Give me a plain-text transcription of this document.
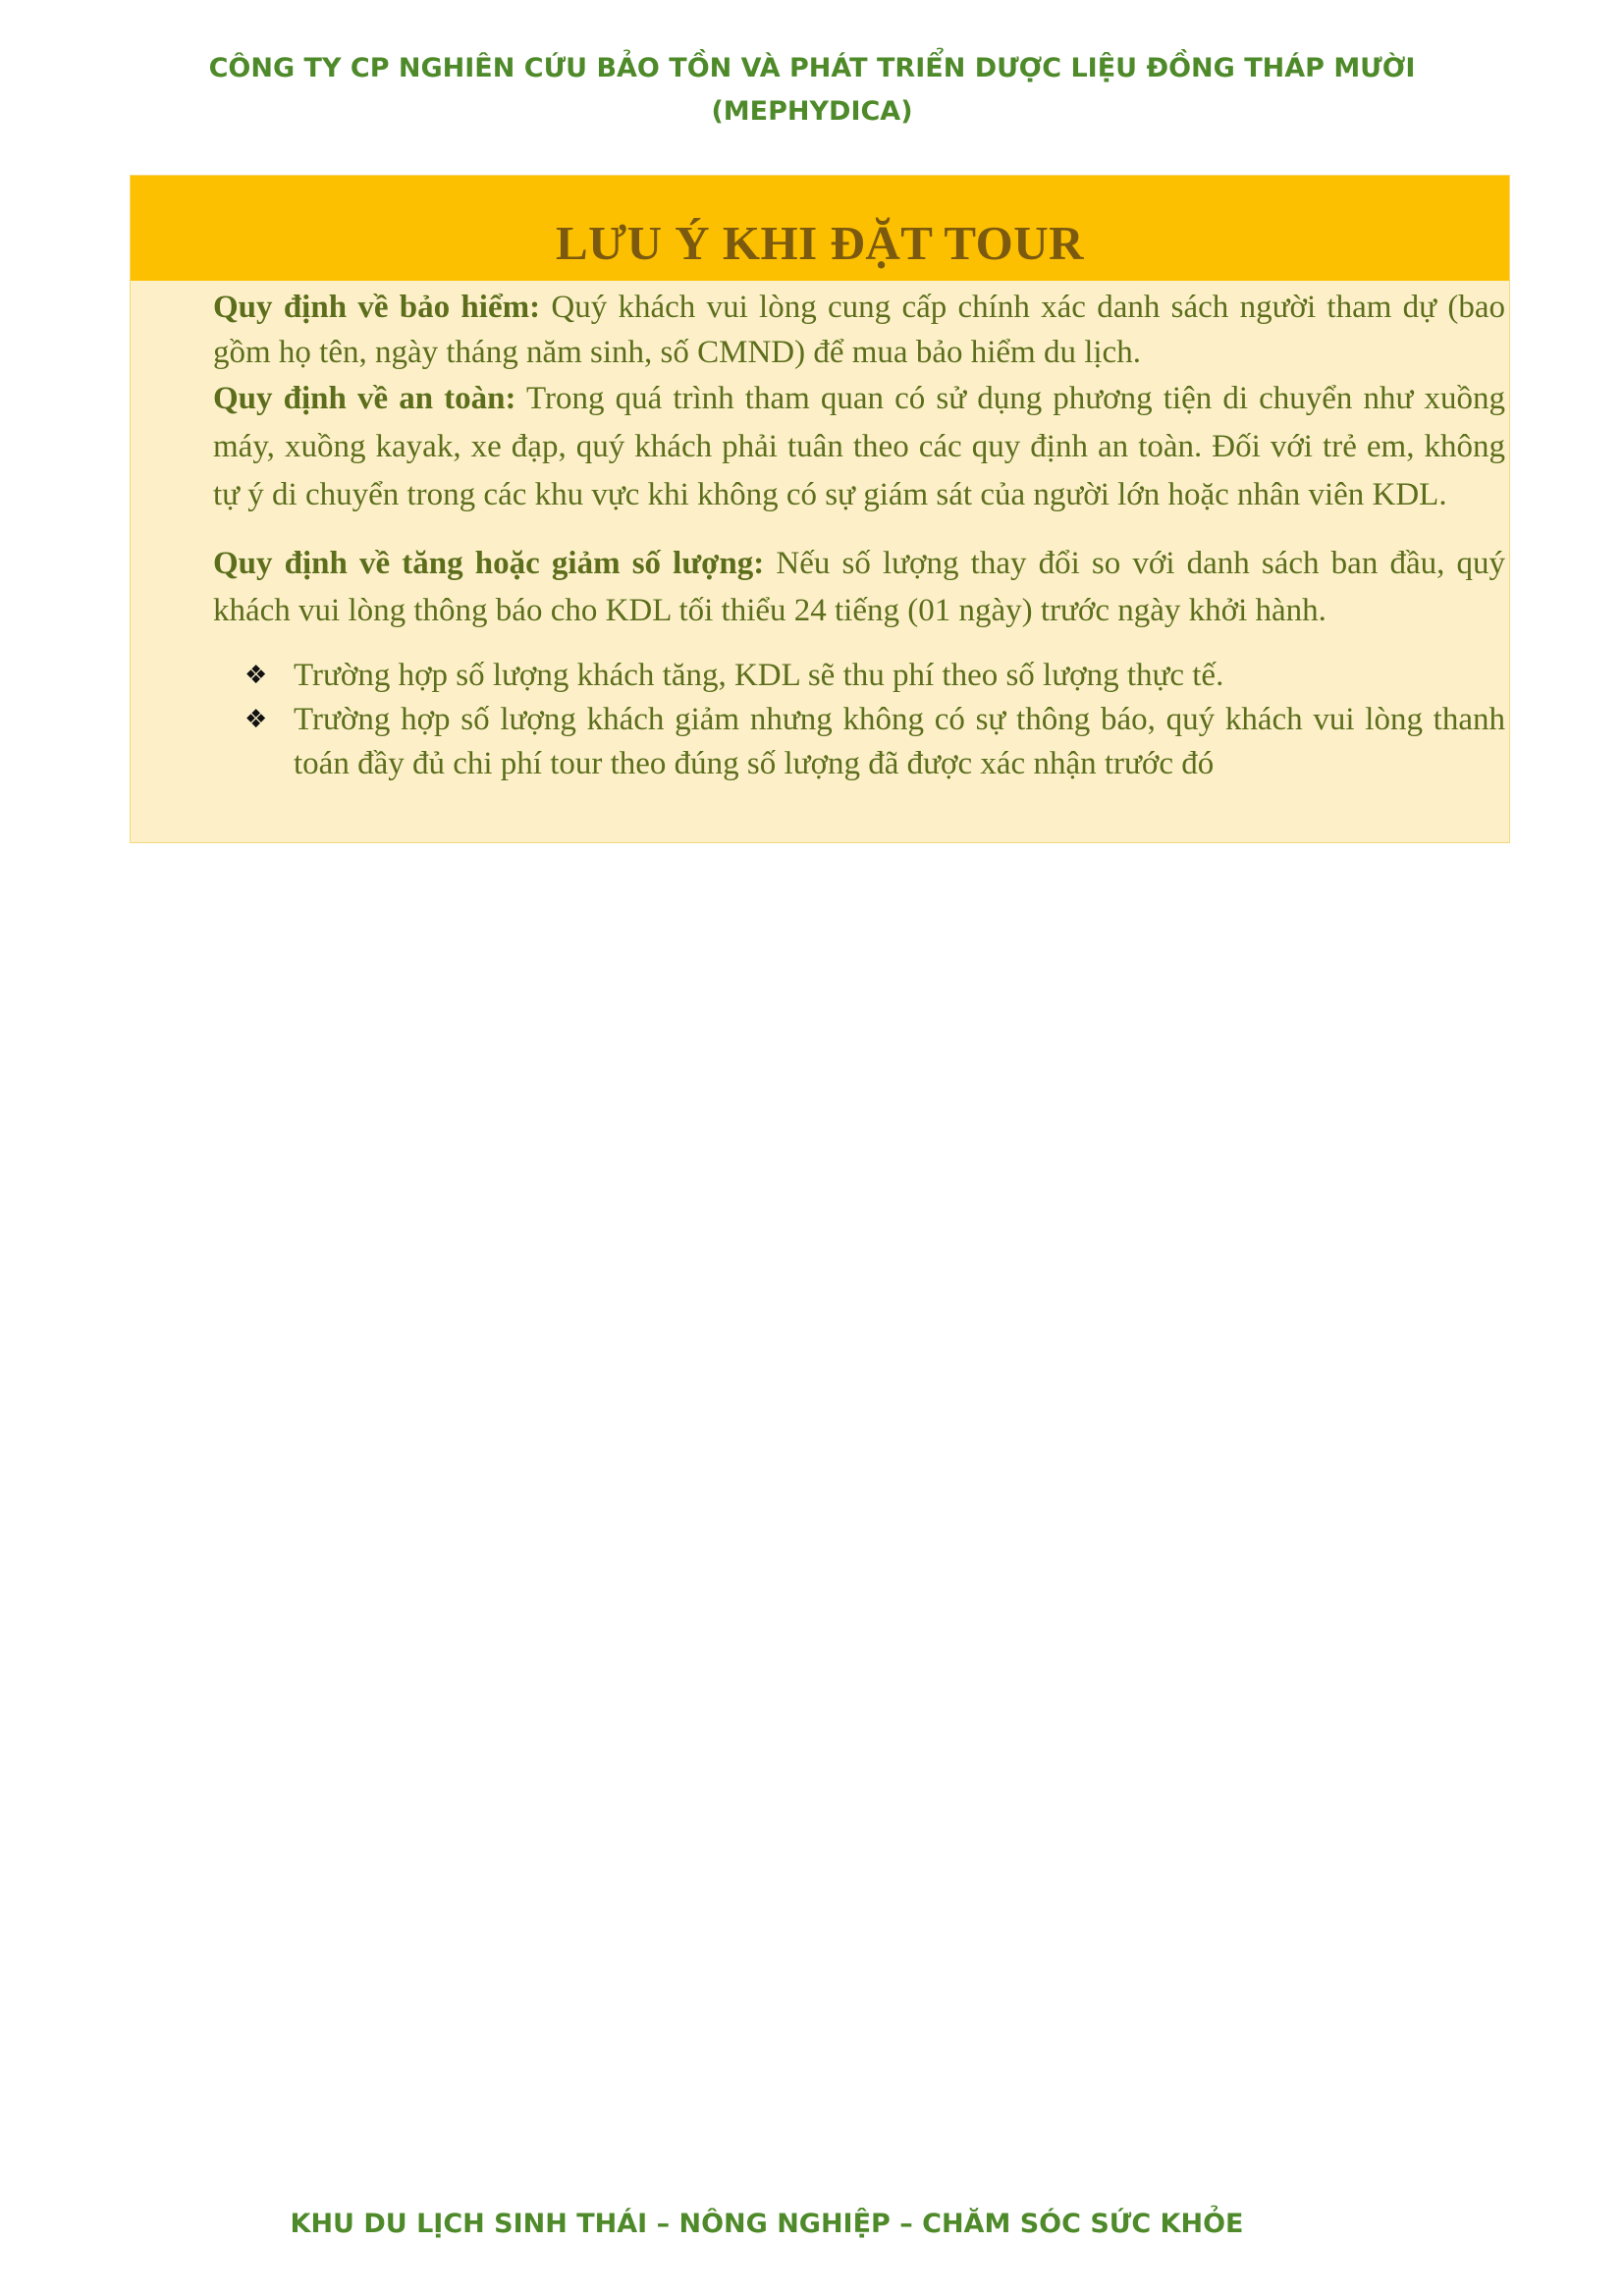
CÔNG TY CP NGHIÊN CỨU BẢO TỒN VÀ PHÁT TRIỂN DƯỢC LIỆU ĐỒNG THÁP MƯỜI
(MEPHYDICA)
LƯU Ý KHI ĐẶT TOUR

Quy định về bảo hiểm: Quý khách vui lòng cung cấp chính xác danh sách người tham dự (bao gồm họ tên, ngày tháng năm sinh, số CMND) để mua bảo hiểm du lịch.

Quy định về an toàn: Trong quá trình tham quan có sử dụng phương tiện di chuyển như xuồng máy, xuồng kayak, xe đạp, quý khách phải tuân theo các quy định an toàn. Đối với trẻ em, không tự ý di chuyển trong các khu vực khi không có sự giám sát của người lớn hoặc nhân viên KDL.

Quy định về tăng hoặc giảm số lượng: Nếu số lượng thay đổi so với danh sách ban đầu, quý khách vui lòng thông báo cho KDL tối thiểu 24 tiếng (01 ngày) trước ngày khởi hành.

❖ Trường hợp số lượng khách tăng, KDL sẽ thu phí theo số lượng thực tế.
❖ Trường hợp số lượng khách giảm nhưng không có sự thông báo, quý khách vui lòng thanh toán đầy đủ chi phí tour theo đúng số lượng đã được xác nhận trước đó
KHU DU LỊCH SINH THÁI – NÔNG NGHIỆP – CHĂM SÓC SỨC KHỎE
